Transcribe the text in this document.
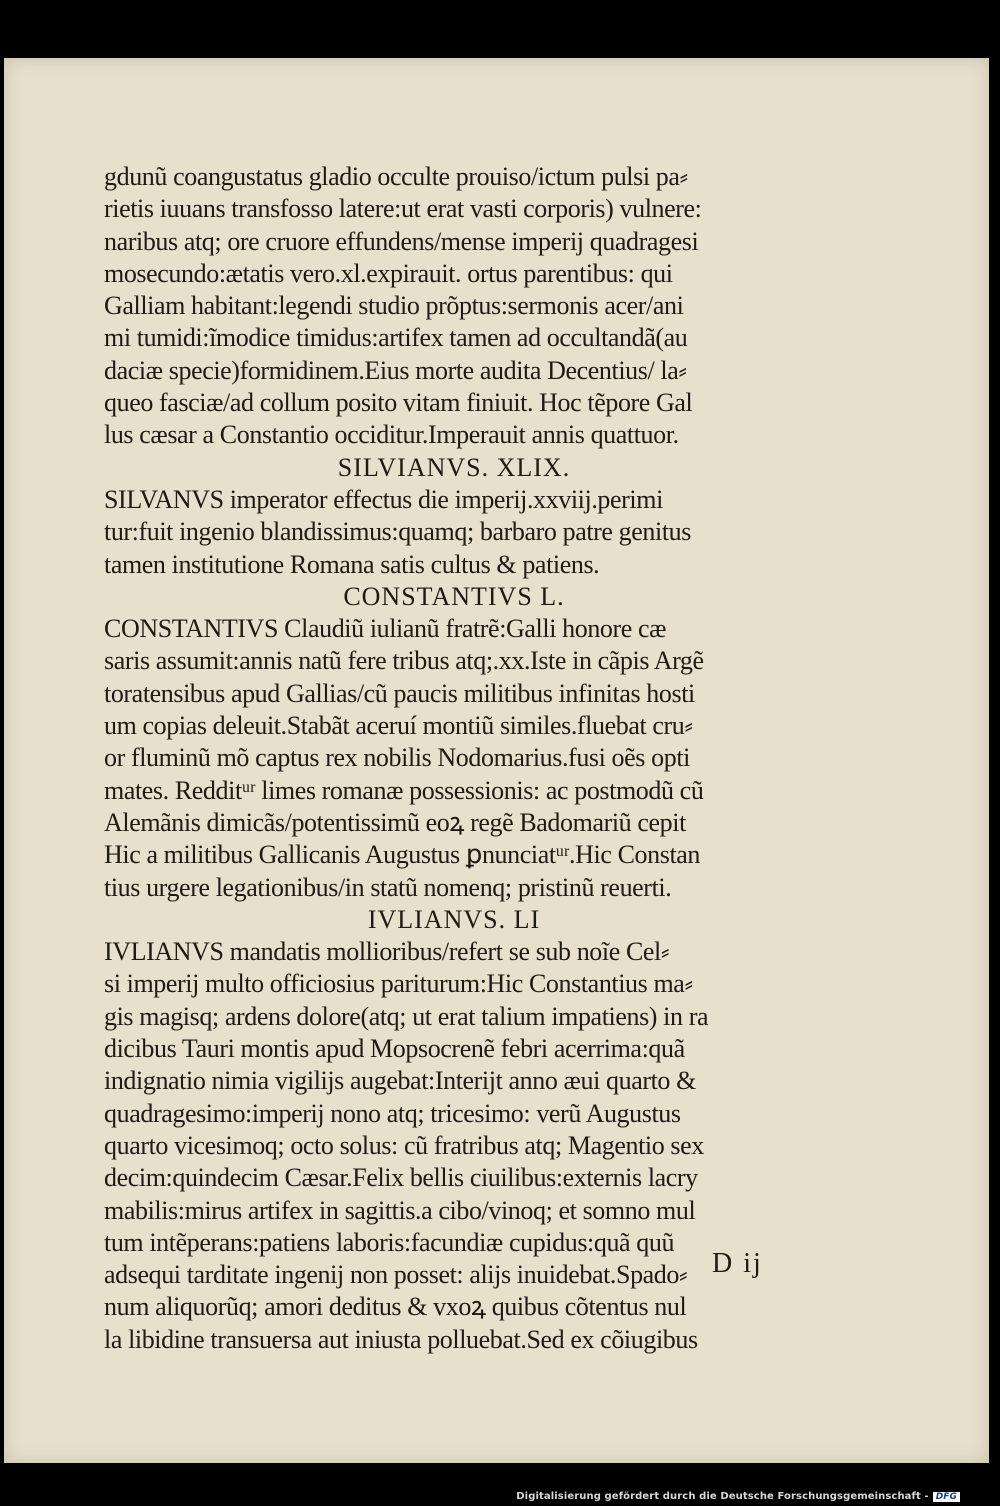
gdunũ coangustatus gladio occulte prouiso/ictum pulsi pa⸗
rietis iuuans transfosso latere:ut erat vasti corporis) vulnere:
naribus atq; ore cruore effundens/mense imperij quadragesi
mosecundo:ætatis vero.xl.expirauit. ortus parentibus: qui
Galliam habitant:legendi studio prõptus:sermonis acer/ani
mi tumidi:ĩmodice timidus:artifex tamen ad occultandã(au
daciæ specie)formidinem.Eius morte audita Decentius/ la⸗
queo fasciæ/ad collum posito vitam finiuit. Hoc tẽpore Gal
lus cæsar a Constantio occiditur.Imperauit annis quattuor.
SILVIANVS. XLIX.
SILVANVS imperator effectus die imperij.xxviij.perimi
tur:fuit ingenio blandissimus:quamq; barbaro patre genitus
tamen institutione Romana satis cultus & patiens.
CONSTANTIVS L.
CONSTANTIVS Claudiũ iulianũ fratrẽ:Galli honore cæ
saris assumit:annis natũ fere tribus atq;.xx.Iste in cãpis Argẽ
toratensibus apud Gallias/cũ paucis militibus infinitas hosti
um copias deleuit.Stabãt aceruí montiũ similes.fluebat cru⸗
or fluminũ mõ captus rex nobilis Nodomarius.fusi oẽs opti
mates. Redditᵘʳ limes romanæ possessionis: ac postmodũ cũ
Alemãnis dimicãs/potentissimũ eoꝝ regẽ Badomariũ cepit
Hic a militibus Gallicanis Augustus ꝑnunciatᵘʳ.Hic Constan
tius urgere legationibus/in statũ nomenq; pristinũ reuerti.
IVLIANVS. LI
IVLIANVS mandatis mollioribus/refert se sub noĩe Cel⸗
si imperij multo officiosius pariturum:Hic Constantius ma⸗
gis magisq; ardens dolore(atq; ut erat talium impatiens) in ra
dicibus Tauri montis apud Mopsocrenẽ febri acerrima:quã
indignatio nimia vigilijs augebat:Interijt anno æui quarto &
quadragesimo:imperij nono atq; tricesimo: verũ Augustus
quarto vicesimoq; octo solus: cũ fratribus atq; Magentio sex
decim:quindecim Cæsar.Felix bellis ciuilibus:externis lacry
mabilis:mirus artifex in sagittis.a cibo/vinoq; et somno mul
tum intẽperans:patiens laboris:facundiæ cupidus:quã quũ
adsequi tarditate ingenij non posset: alijs inuidebat.Spado⸗
num aliquorũq; amori deditus & vxoꝝ quibus cõtentus nul
la libidine transuersa aut iniusta polluebat.Sed ex cõiugibus
D ij
Digitalisierung gefördert durch die Deutsche Forschungsgemeinschaft - DFG
